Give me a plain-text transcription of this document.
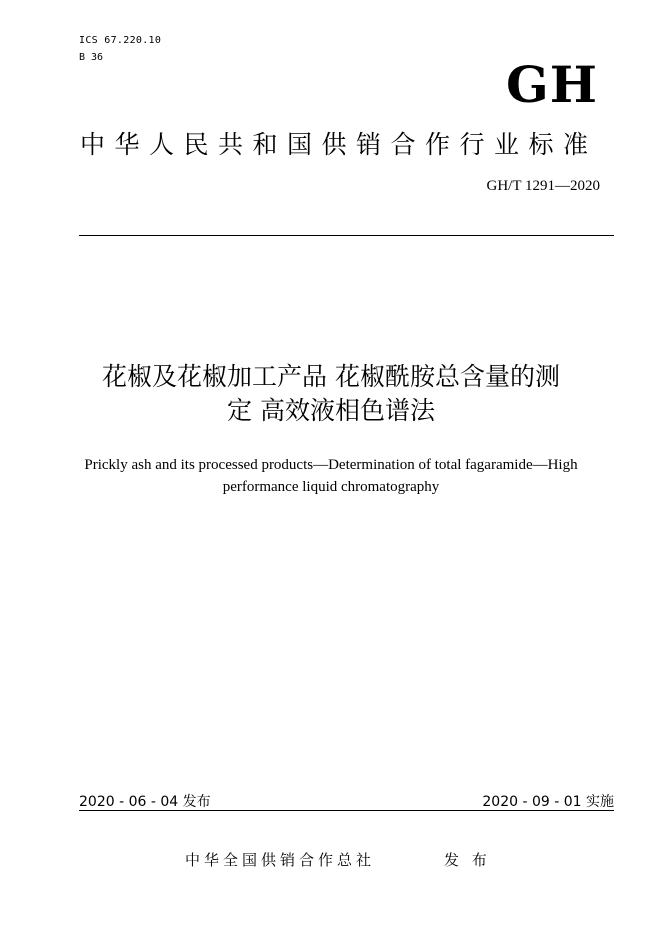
ICS 67.220.10
B 36	GH
中华人民共和国供销合作行业标准
GH/T 1291—2020
花椒及花椒加工产品 花椒酰胺总含量的测
定 高效液相色谱法
Prickly ash and its processed products—Determination of total fagaramide—High
performance liquid chromatography
2020 - 06 - 04 发布	2020 - 09 - 01 实施
中华全国供销合作总社	发 布
